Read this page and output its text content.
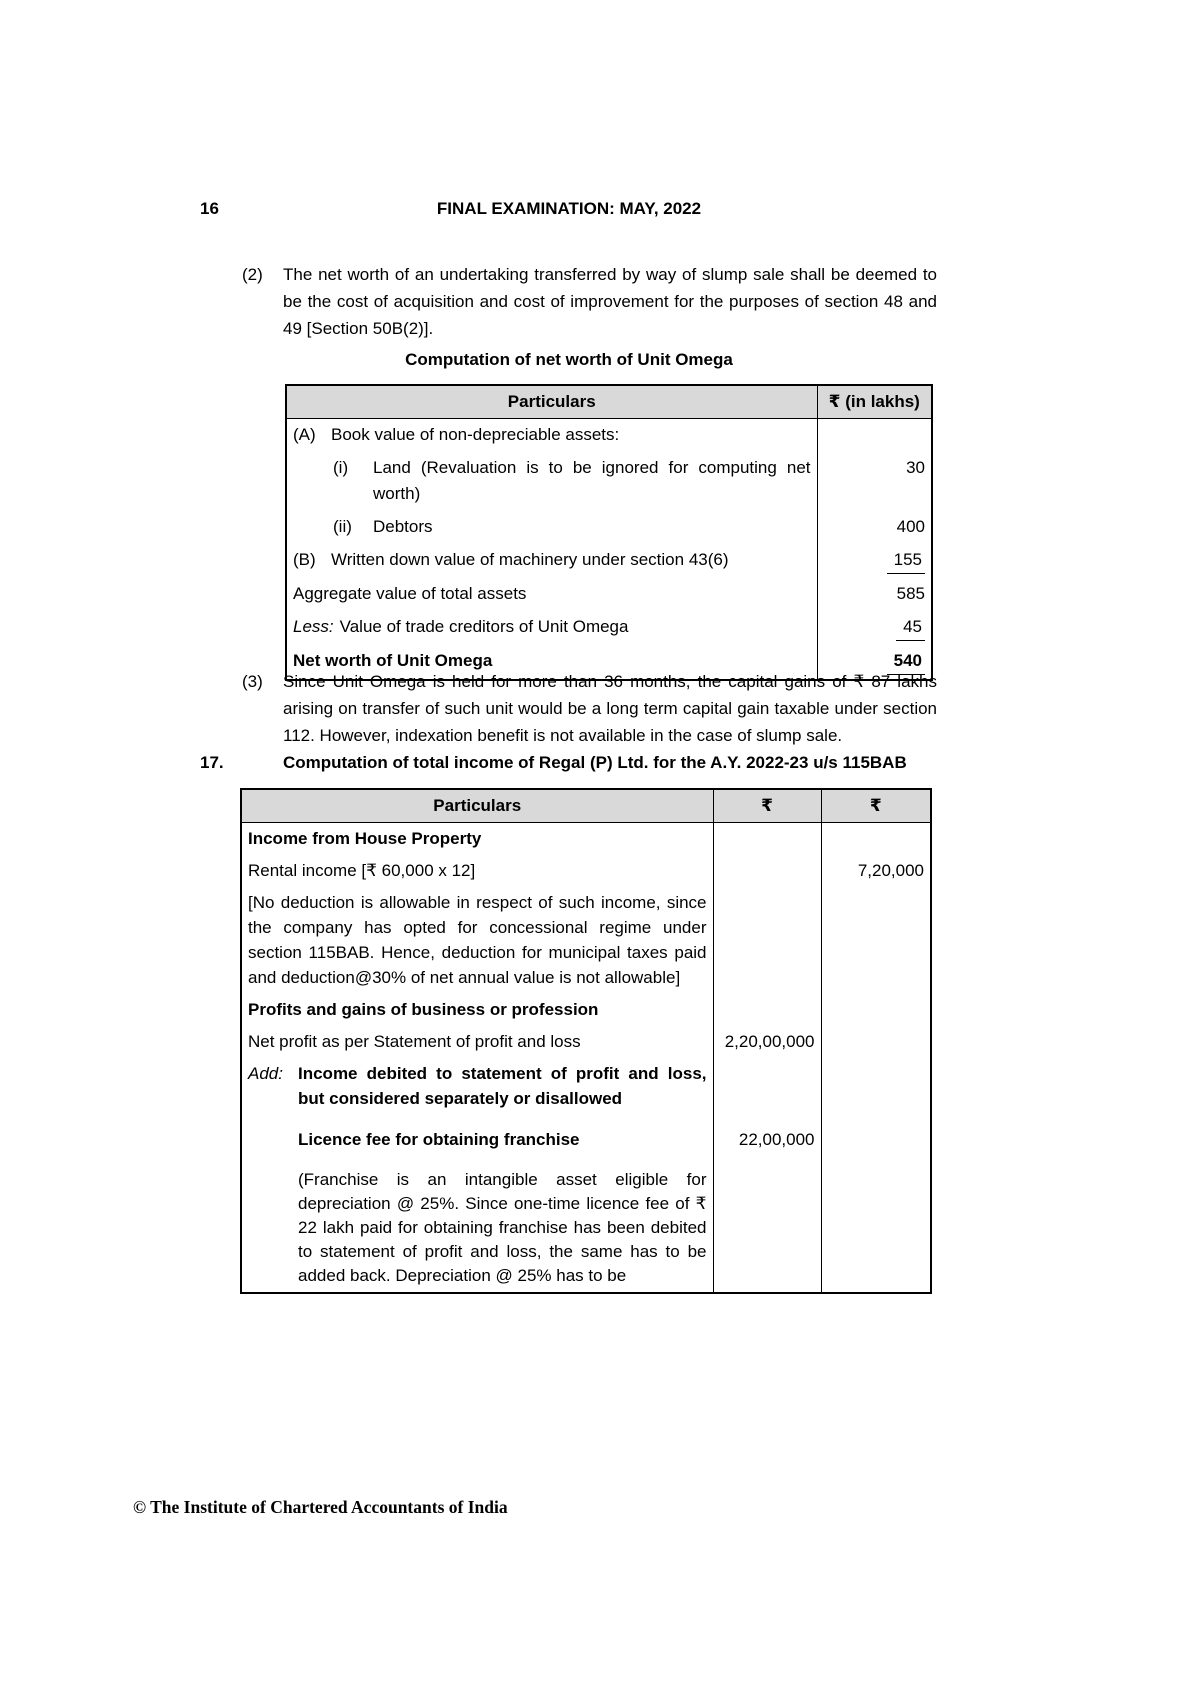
16	FINAL EXAMINATION: MAY, 2022
(2) The net worth of an undertaking transferred by way of slump sale shall be deemed to be the cost of acquisition and cost of improvement for the purposes of section 48 and 49 [Section 50B(2)].
Computation of net worth of Unit Omega
Particulars	₹ (in lakhs)

(A) Book value of non-depreciable assets:	

(i) Land (Revaluation is to be ignored for computing net worth)	30

(ii) Debtors	400

(B) Written down value of machinery under section 43(6)	155
Aggregate value of total assets	585
Less: Value of trade creditors of Unit Omega	45
Net worth of Unit Omega	540
(3) Since Unit Omega is held for more than 36 months, the capital gains of ₹ 87 lakhs arising on transfer of such unit would be a long term capital gain taxable under section 112. However, indexation benefit is not available in the case of slump sale.
17.	Computation of total income of Regal (P) Ltd. for the A.Y. 2022-23 u/s 115BAB
Particulars	₹	₹
Income from House Property		
Rental income [₹ 60,000 x 12]		7,20,000
[No deduction is allowable in respect of such income, since the company has opted for concessional regime under section 115BAB. Hence, deduction for municipal taxes paid and deduction@30% of net annual value is not allowable]		
Profits and gains of business or profession		
Net profit as per Statement of profit and loss	2,20,00,000	

Add: Income debited to statement of profit and loss, but considered separately or disallowed		

Licence fee for obtaining franchise	22,00,000	

(Franchise is an intangible asset eligible for depreciation @ 25%. Since one-time licence fee of ₹ 22 lakh paid for obtaining franchise has been debited to statement of profit and loss, the same has to be added back. Depreciation @ 25% has to be		

© The Institute of Chartered Accountants of India
